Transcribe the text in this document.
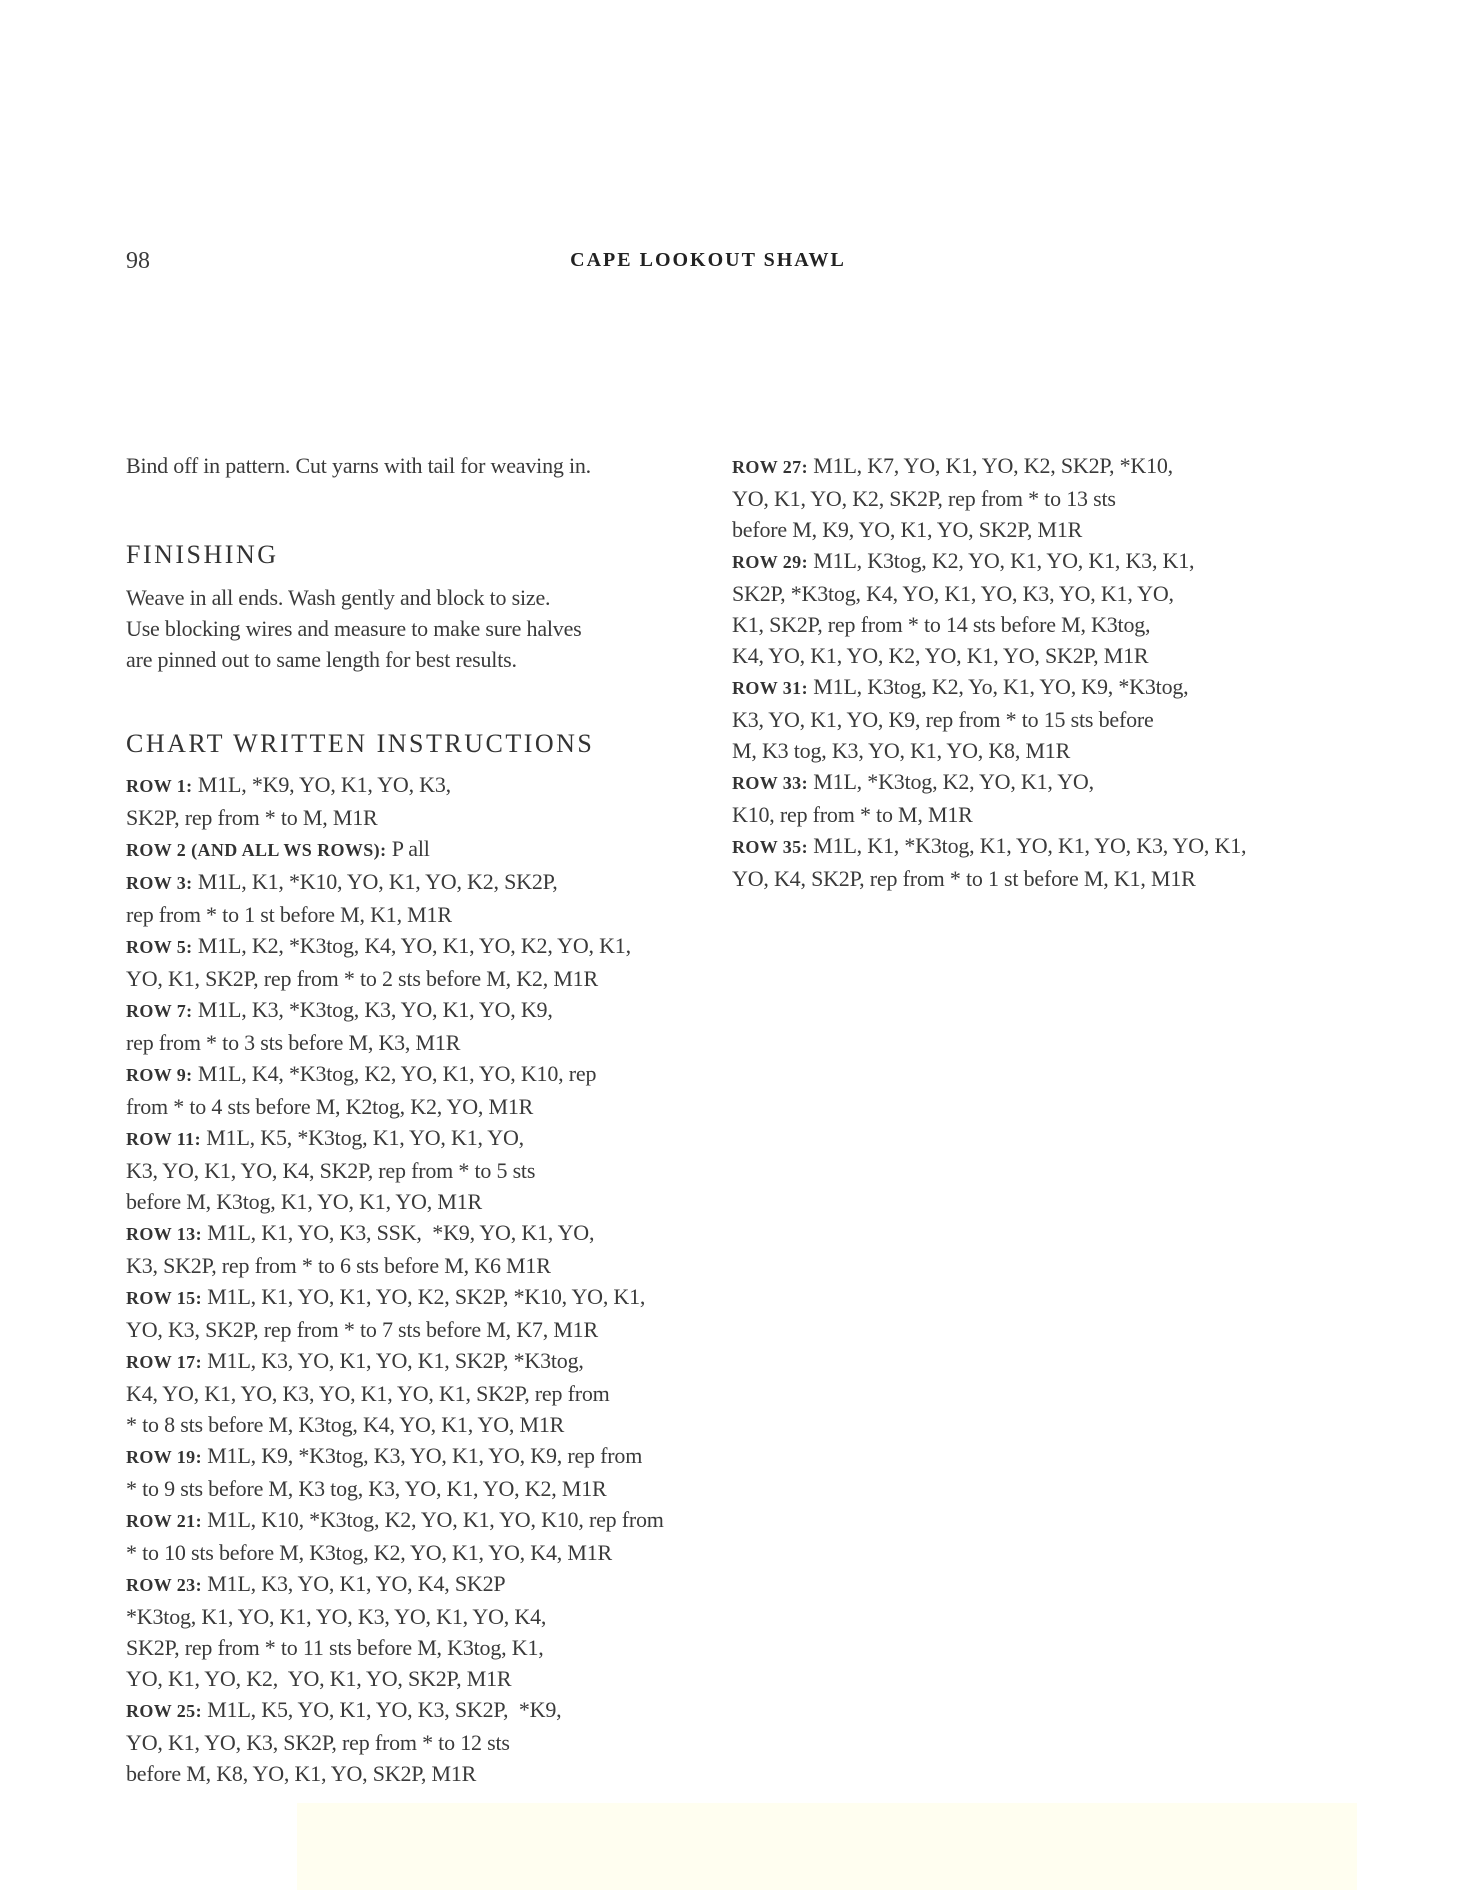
98	CAPE LOOKOUT SHAWL

Bind off in pattern. Cut yarns with tail for weaving in.

FINISHING
Weave in all ends. Wash gently and block to size.
Use blocking wires and measure to make sure halves
are pinned out to same length for best results.
CHART WRITTEN INSTRUCTIONS
ROW 1: M1L, *K9, YO, K1, YO, K3,
SK2P, rep from * to M, M1R
ROW 2 (AND ALL WS ROWS): P all
ROW 3: M1L, K1, *K10, YO, K1, YO, K2, SK2P,
rep from * to 1 st before M, K1, M1R
ROW 5: M1L, K2, *K3tog, K4, YO, K1, YO, K2, YO, K1,
YO, K1, SK2P, rep from * to 2 sts before M, K2, M1R
ROW 7: M1L, K3, *K3tog, K3, YO, K1, YO, K9,
rep from * to 3 sts before M, K3, M1R
ROW 9: M1L, K4, *K3tog, K2, YO, K1, YO, K10, rep
from * to 4 sts before M, K2tog, K2, YO, M1R
ROW 11: M1L, K5, *K3tog, K1, YO, K1, YO,
K3, YO, K1, YO, K4, SK2P, rep from * to 5 sts
before M, K3tog, K1, YO, K1, YO, M1R
ROW 13: M1L, K1, YO, K3, SSK,  *K9, YO, K1, YO,
K3, SK2P, rep from * to 6 sts before M, K6 M1R
ROW 15: M1L, K1, YO, K1, YO, K2, SK2P, *K10, YO, K1,
YO, K3, SK2P, rep from * to 7 sts before M, K7, M1R
ROW 17: M1L, K3, YO, K1, YO, K1, SK2P, *K3tog,
K4, YO, K1, YO, K3, YO, K1, YO, K1, SK2P, rep from
* to 8 sts before M, K3tog, K4, YO, K1, YO, M1R
ROW 19: M1L, K9, *K3tog, K3, YO, K1, YO, K9, rep from
* to 9 sts before M, K3 tog, K3, YO, K1, YO, K2, M1R
ROW 21: M1L, K10, *K3tog, K2, YO, K1, YO, K10, rep from
* to 10 sts before M, K3tog, K2, YO, K1, YO, K4, M1R
ROW 23: M1L, K3, YO, K1, YO, K4, SK2P
*K3tog, K1, YO, K1, YO, K3, YO, K1, YO, K4,
SK2P, rep from * to 11 sts before M, K3tog, K1,
YO, K1, YO, K2,  YO, K1, YO, SK2P, M1R
ROW 25: M1L, K5, YO, K1, YO, K3, SK2P,  *K9,
YO, K1, YO, K3, SK2P, rep from * to 12 sts
before M, K8, YO, K1, YO, SK2P, M1R
ROW 27: M1L, K7, YO, K1, YO, K2, SK2P, *K10,
YO, K1, YO, K2, SK2P, rep from * to 13 sts
before M, K9, YO, K1, YO, SK2P, M1R
ROW 29: M1L, K3tog, K2, YO, K1, YO, K1, K3, K1,
SK2P, *K3tog, K4, YO, K1, YO, K3, YO, K1, YO,
K1, SK2P, rep from * to 14 sts before M, K3tog,
K4, YO, K1, YO, K2, YO, K1, YO, SK2P, M1R
ROW 31: M1L, K3tog, K2, Yo, K1, YO, K9, *K3tog,
K3, YO, K1, YO, K9, rep from * to 15 sts before
M, K3 tog, K3, YO, K1, YO, K8, M1R
ROW 33: M1L, *K3tog, K2, YO, K1, YO,
K10, rep from * to M, M1R
ROW 35: M1L, K1, *K3tog, K1, YO, K1, YO, K3, YO, K1,
YO, K4, SK2P, rep from * to 1 st before M, K1, M1R
